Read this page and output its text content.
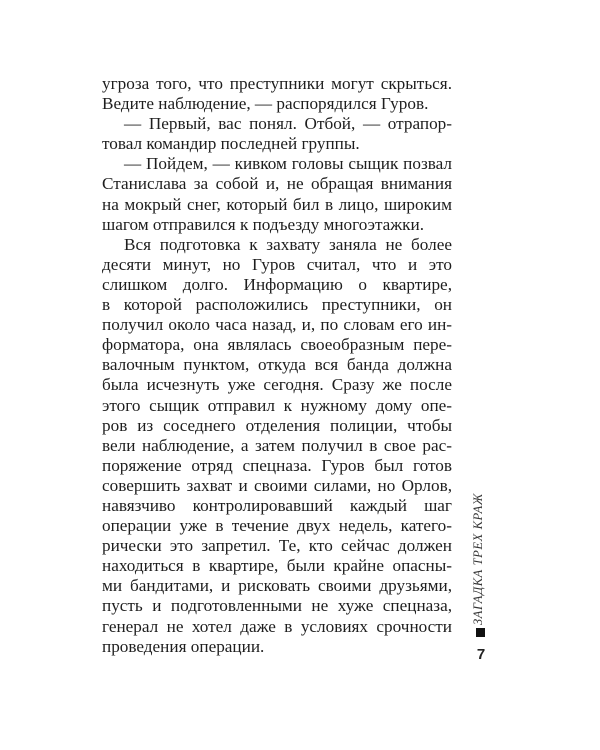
угроза того, что преступники могут скрыться.
Ведите наблюдение, — распорядился Гуров.
— Первый, вас понял. Отбой, — отрапор-
товал командир последней группы.
— Пойдем, — кивком головы сыщик позвал
Станислава за собой и, не обращая внимания
на мокрый снег, который бил в лицо, широким
шагом отправился к подъезду многоэтажки.
Вся подготовка к захвату заняла не более
десяти минут, но Гуров считал, что и это
слишком долго. Информацию о квартире,
в которой расположились преступники, он
получил около часа назад, и, по словам его ин-
форматора, она являлась своеобразным пере-
валочным пунктом, откуда вся банда должна
была исчезнуть уже сегодня. Сразу же после
этого сыщик отправил к нужному дому опе-
ров из соседнего отделения полиции, чтобы
вели наблюдение, а затем получил в свое рас-
поряжение отряд спецназа. Гуров был готов
совершить захват и своими силами, но Орлов,
навязчиво контролировавший каждый шаг
операции уже в течение двух недель, катего-
рически это запретил. Те, кто сейчас должен
находиться в квартире, были крайне опасны-
ми бандитами, и рисковать своими друзьями,
пусть и подготовленными не хуже спецназа,
генерал не хотел даже в условиях срочности
проведения операции.
ЗАГАДКА ТРЕХ КРАЖ
7
